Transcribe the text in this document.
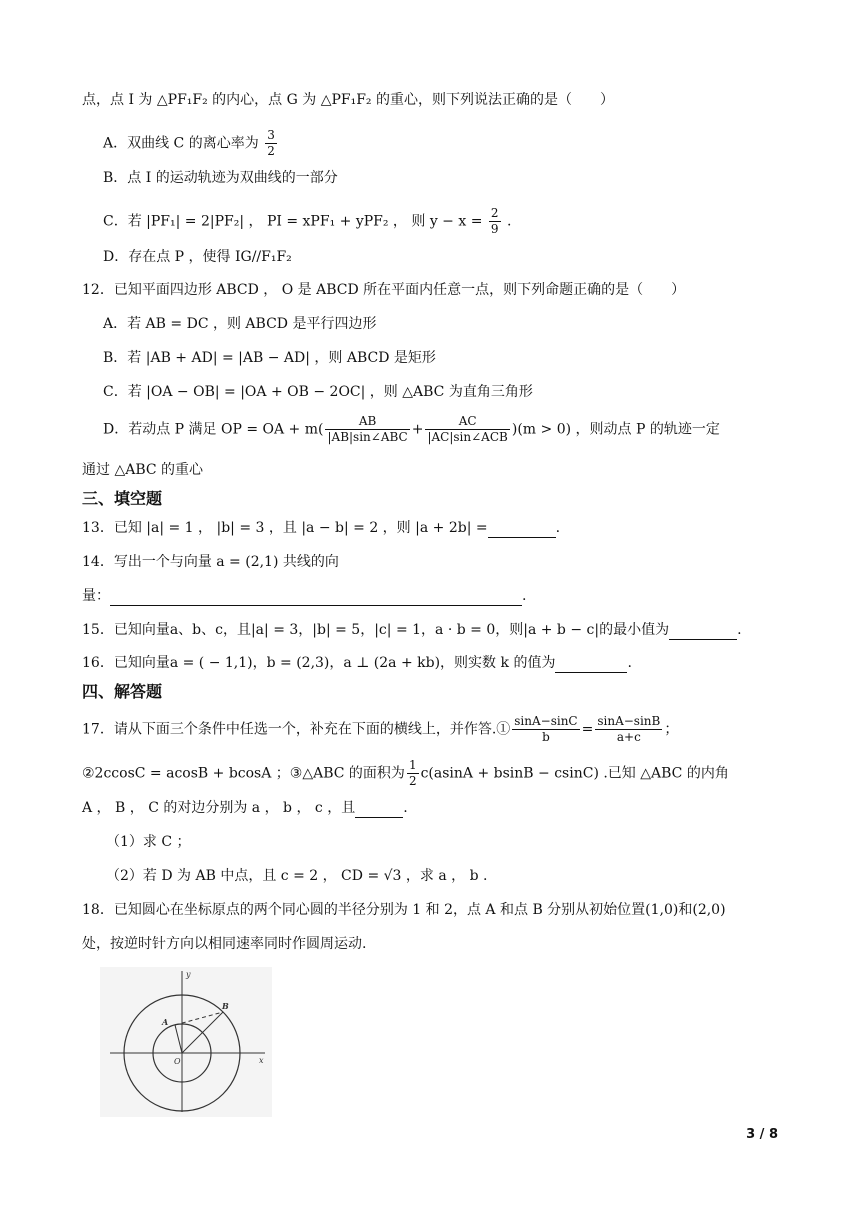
点，点 I 为 △PF₁F₂ 的内心，点 G 为 △PF₁F₂ 的重心，则下列说法正确的是（　　）
A．双曲线 C 的离心率为 $\frac{3}{2}$
B．点 I 的运动轨迹为双曲线的一部分
C．若 |PF₁| = 2|PF₂| ， PI = xPF₁ + yPF₂ ， 则 $y - x = \frac{2}{9}$ .
D．存在点 P ，使得 IG//F₁F₂
12．已知平面四边形 ABCD ， O 是 ABCD 所在平面内任意一点，则下列命题正确的是（　　）
A．若 AB = DC ，则 ABCD 是平行四边形
B．若 |AB + AD| = |AB − AD| ，则 ABCD 是矩形
C．若 |OA − OB| = |OA + OB − 2OC| ，则 △ABC 为直角三角形
D．若动点 P 满足 OP = OA + $m( \frac{AB}{\text{|AB|sin∠ABC}} + \frac{AC}{\text{|AC|sin∠ACB}} )(m > 0)$ ，则动点 P 的轨迹一定
通过 △ABC 的重心
三、填空题
13．已知 |a| = 1 ， |b| = 3 ，且 |a − b| = 2 ，则 |a + 2b| =	.
14．写出一个与向量 a = (2,1) 共线的向
量：	.
15．已知向量a、b、c，且|a| = 3，|b| = 5，|c| = 1，a · b = 0，则|a + b − c|的最小值为	.
16．已知向量a = ( − 1,1)，b = (2,3)，a ⊥ (2a + kb)，则实数 k 的值为	.
四、解答题
17．请从下面三个条件中任选一个，补充在下面的横线上，并作答.① $\frac{\sin A-\sin C}{b} = \frac{\sin A-\sin B}{a+c}$ ；
②2ccosC = acosB + bcosA ；③△ABC 的面积为 $\frac{1}{2} c(asinA + bsinB - csinC)$ .已知 △ABC 的内角
A ， B ， C 的对边分别为 a ， b ， c ，且	.
（1）求 C ；
（2）若 D 为 AB 中点，且 c = 2 ， CD = √3 ，求 a ， b .
18．已知圆心在坐标原点的两个同心圆的半径分别为 1 和 2，点 A 和点 B 分别从初始位置(1,0)和(2,0)
处，按逆时针方向以相同速率同时作圆周运动.
y
x
O
A
B
3 / 8
